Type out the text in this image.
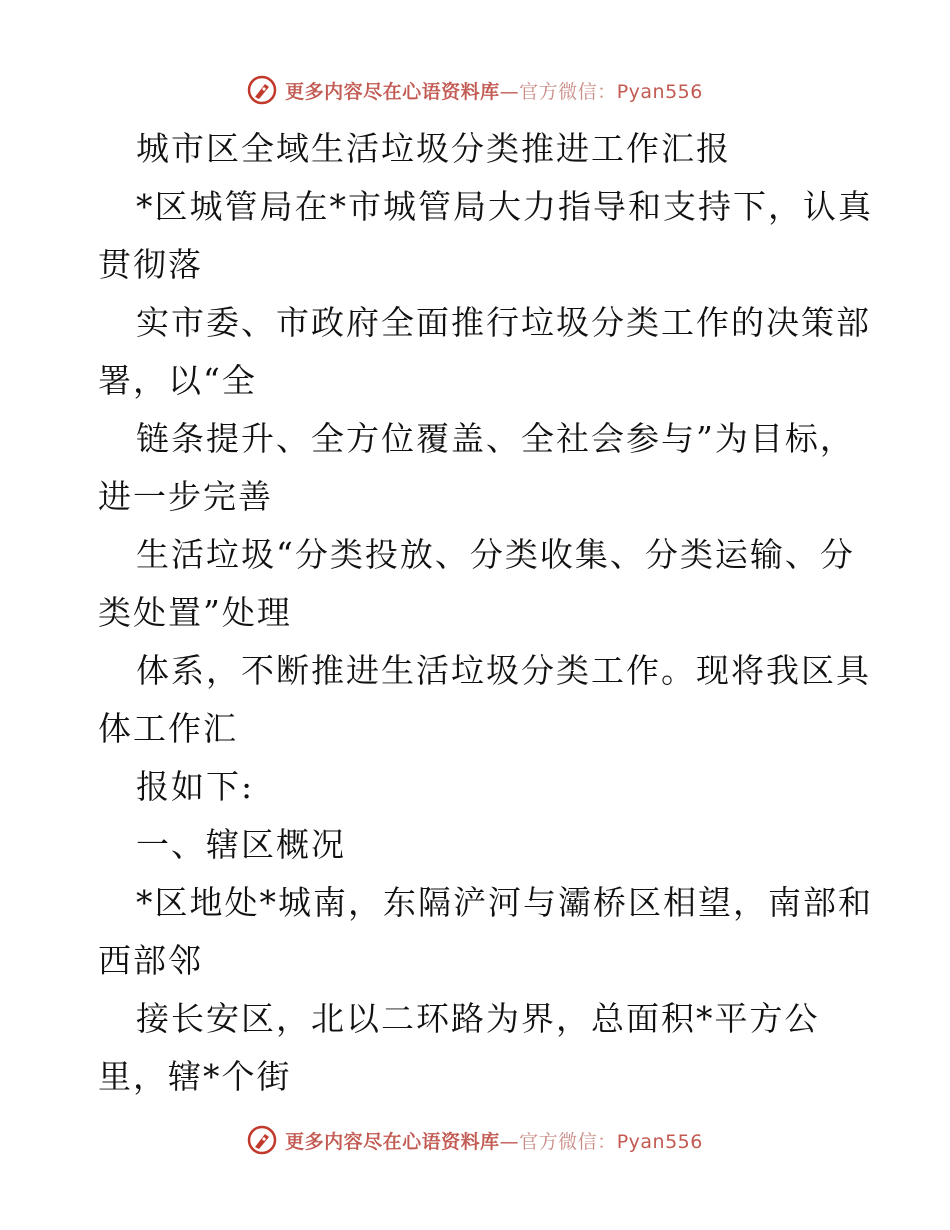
更多内容尽在心语资料库—官方微信：Pyan556
城市区全域生活垃圾分类推进工作汇报
*区城管局在*市城管局大力指导和支持下，认真
贯彻落
实市委、市政府全面推行垃圾分类工作的决策部
署，以“全
链条提升、全方位覆盖、全社会参与”为目标，
进一步完善
生活垃圾“分类投放、分类收集、分类运输、分
类处置”处理
体系，不断推进生活垃圾分类工作。现将我区具
体工作汇
报如下:
一、辖区概况
*区地处*城南，东隔浐河与灞桥区相望，南部和
西部邻
接长安区，北以二环路为界，总面积*平方公
里，辖*个街
更多内容尽在心语资料库—官方微信：Pyan556
